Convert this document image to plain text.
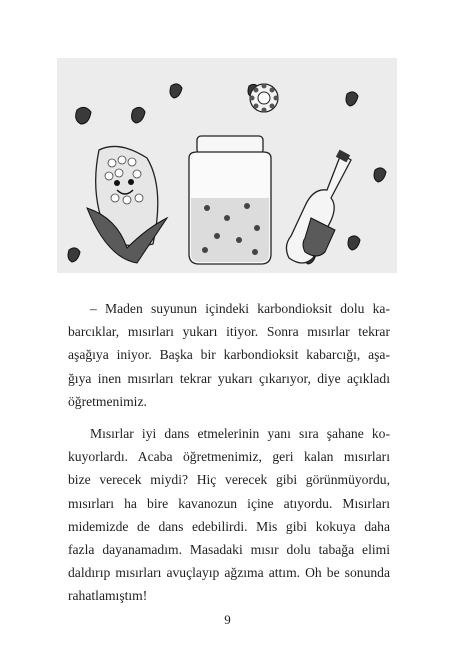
– Maden suyunun içindeki karbondioksit dolu ka-
barcıklar, mısırları yukarı itiyor. Sonra mısırlar tekrar
aşağıya iniyor. Başka bir karbondioksit kabarcığı, aşa-
ğıya inen mısırları tekrar yukarı çıkarıyor, diye açıkladı
öğretmenimiz.
Mısırlar iyi dans etmelerinin yanı sıra şahane ko-
kuyorlardı. Acaba öğretmenimiz, geri kalan mısırları
bize verecek miydi? Hiç verecek gibi görünmüyordu,
mısırları ha bire kavanozun içine atıyordu. Mısırları
midemizde de dans edebilirdi. Mis gibi kokuya daha
fazla dayanamadım. Masadaki mısır dolu tabağa elimi
daldırıp mısırları avuçlayıp ağzıma attım. Oh be sonunda
rahatlamıştım!
9
